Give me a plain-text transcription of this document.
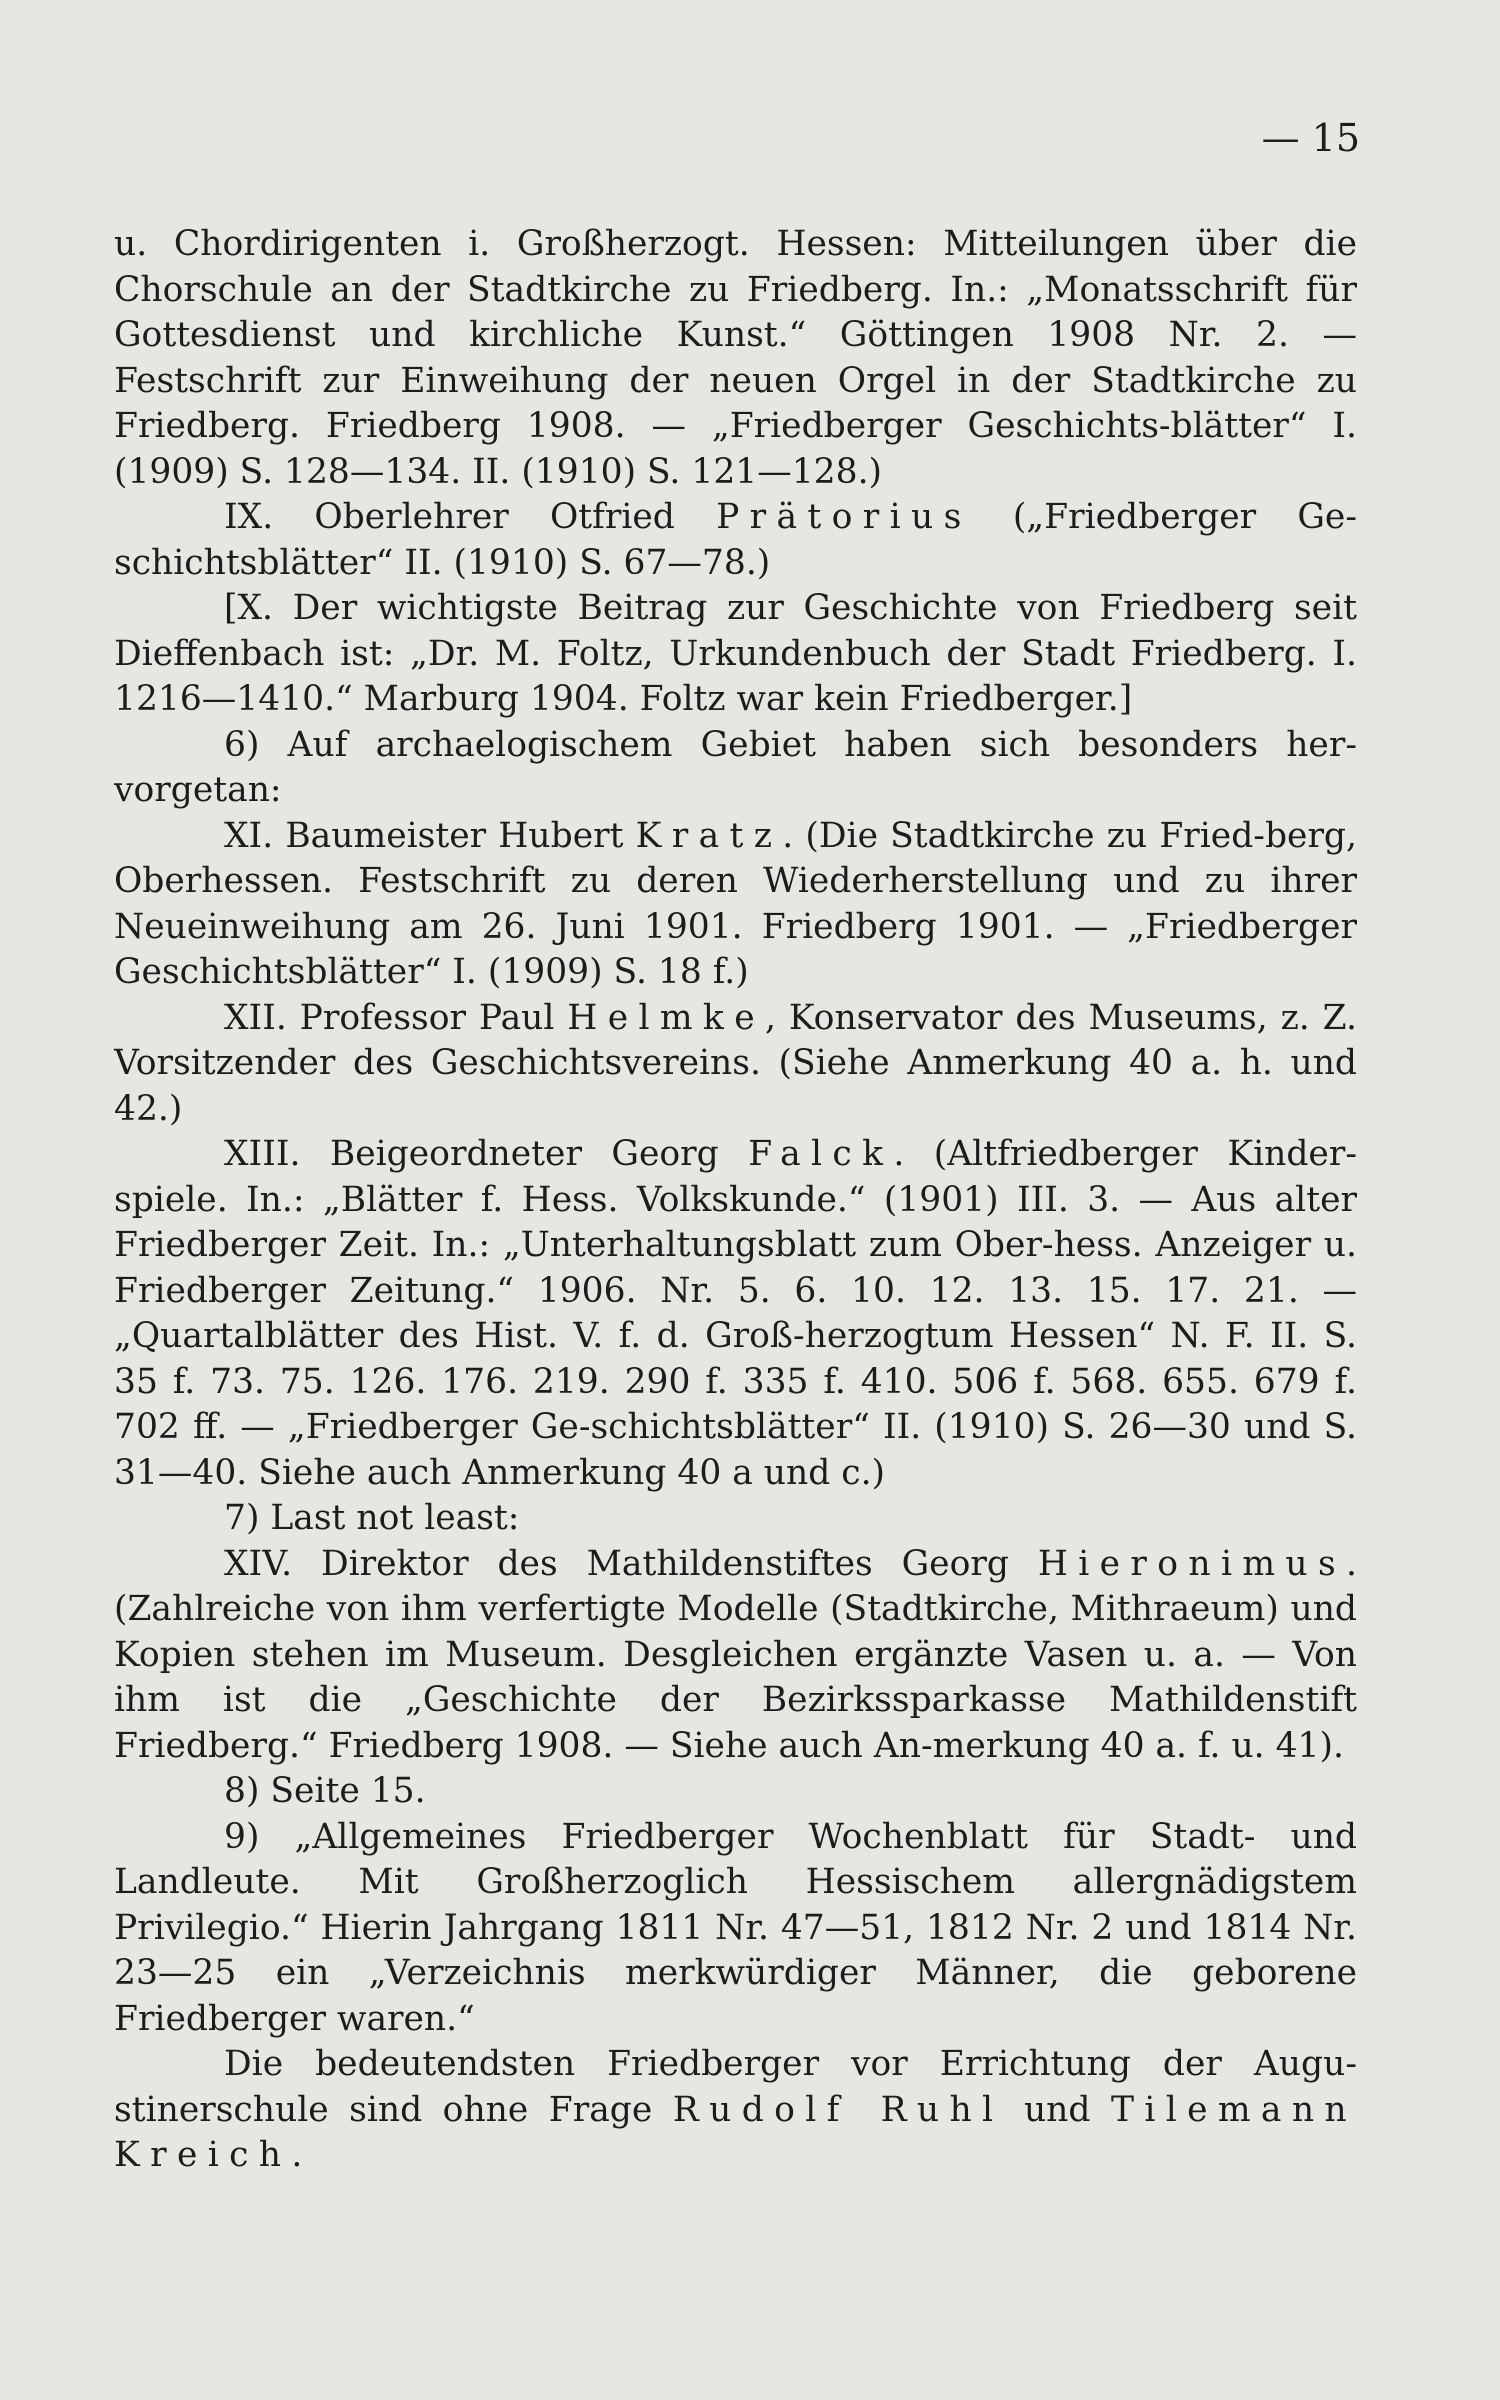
— 15

u. Chordirigenten i. Großherzogt. Hessen: Mitteilungen über die Chorschule an der Stadtkirche zu Friedberg. In.: „Monatsschrift für Gottesdienst und kirchliche Kunst.“ Göttingen 1908 Nr. 2. — Festschrift zur Einweihung der neuen Orgel in der Stadtkirche zu Friedberg. Friedberg 1908. — „Friedberger Geschichts-blätter“ I. (1909) S. 128—134. II. (1910) S. 121—128.)

IX. Oberlehrer Otfried Prätorius („Friedberger Ge-schichtsblätter“ II. (1910) S. 67—78.)

[X. Der wichtigste Beitrag zur Geschichte von Friedberg seit Dieffenbach ist: „Dr. M. Foltz, Urkundenbuch der Stadt Friedberg. I. 1216—1410.“ Marburg 1904. Foltz war kein Friedberger.]

6) Auf archaelogischem Gebiet haben sich besonders her-vorgetan:

XI. Baumeister Hubert Kratz. (Die Stadtkirche zu Fried-berg, Oberhessen. Festschrift zu deren Wiederherstellung und zu ihrer Neueinweihung am 26. Juni 1901. Friedberg 1901. — „Friedberger Geschichtsblätter“ I. (1909) S. 18 f.)

XII. Professor Paul Helmke, Konservator des Museums, z. Z. Vorsitzender des Geschichtsvereins. (Siehe Anmerkung 40 a. h. und 42.)

XIII. Beigeordneter Georg Falck. (Altfriedberger Kinder-spiele. In.: „Blätter f. Hess. Volkskunde.“ (1901) III. 3. — Aus alter Friedberger Zeit. In.: „Unterhaltungsblatt zum Ober-hess. Anzeiger u. Friedberger Zeitung.“ 1906. Nr. 5. 6. 10. 12. 13. 15. 17. 21. — „Quartalblätter des Hist. V. f. d. Groß-herzogtum Hessen“ N. F. II. S. 35 f. 73. 75. 126. 176. 219. 290 f. 335 f. 410. 506 f. 568. 655. 679 f. 702 ff. — „Friedberger Ge-schichtsblätter“ II. (1910) S. 26—30 und S. 31—40. Siehe auch Anmerkung 40 a und c.)

7) Last not least:

XIV. Direktor des Mathildenstiftes Georg Hieronimus. (Zahlreiche von ihm verfertigte Modelle (Stadtkirche, Mithraeum) und Kopien stehen im Museum. Desgleichen ergänzte Vasen u. a. — Von ihm ist die „Geschichte der Bezirkssparkasse Mathildenstift Friedberg.“ Friedberg 1908. — Siehe auch An-merkung 40 a. f. u. 41).

8) Seite 15.

9) „Allgemeines Friedberger Wochenblatt für Stadt- und Landleute. Mit Großherzoglich Hessischem allergnädigstem Privilegio.“ Hierin Jahrgang 1811 Nr. 47—51, 1812 Nr. 2 und 1814 Nr. 23—25 ein „Verzeichnis merkwürdiger Männer, die geborene Friedberger waren.“

Die bedeutendsten Friedberger vor Errichtung der Augu-stinerschule sind ohne Frage Rudolf Ruhl und Tilemann Kreich.
